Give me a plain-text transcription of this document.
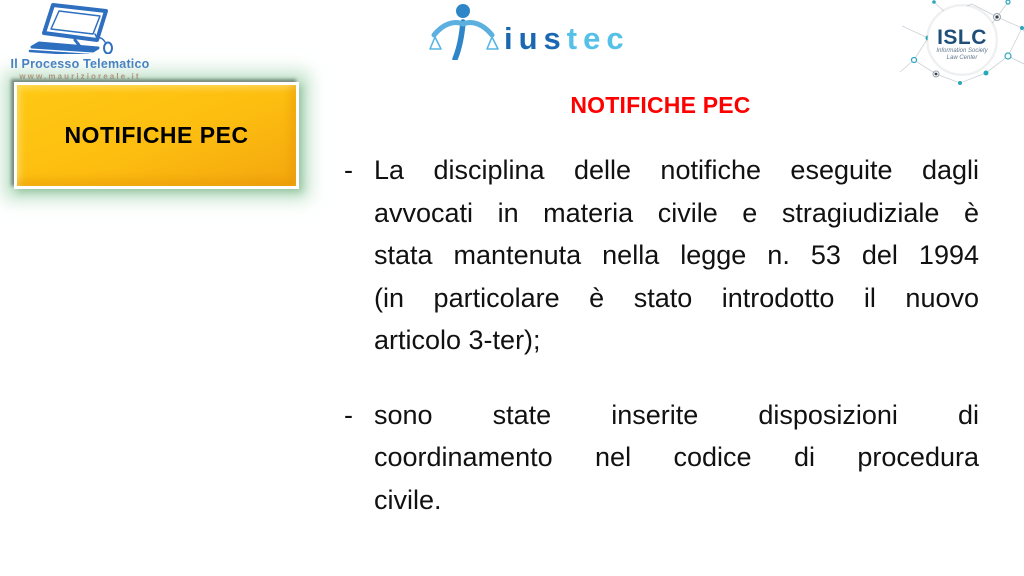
Il Processo Telematico
www.maurizioreale.it
iustec	ISLC
Information Society
Law Center
NOTIFICHE PEC
NOTIFICHE PEC
- La disciplina delle notifiche eseguite dagli
avvocati in materia civile e stragiudiziale è
stata mantenuta nella legge n. 53 del 1994
(in particolare è stato introdotto il nuovo
articolo 3-ter);
- sono state inserite disposizioni di
coordinamento nel codice di procedura
civile.
